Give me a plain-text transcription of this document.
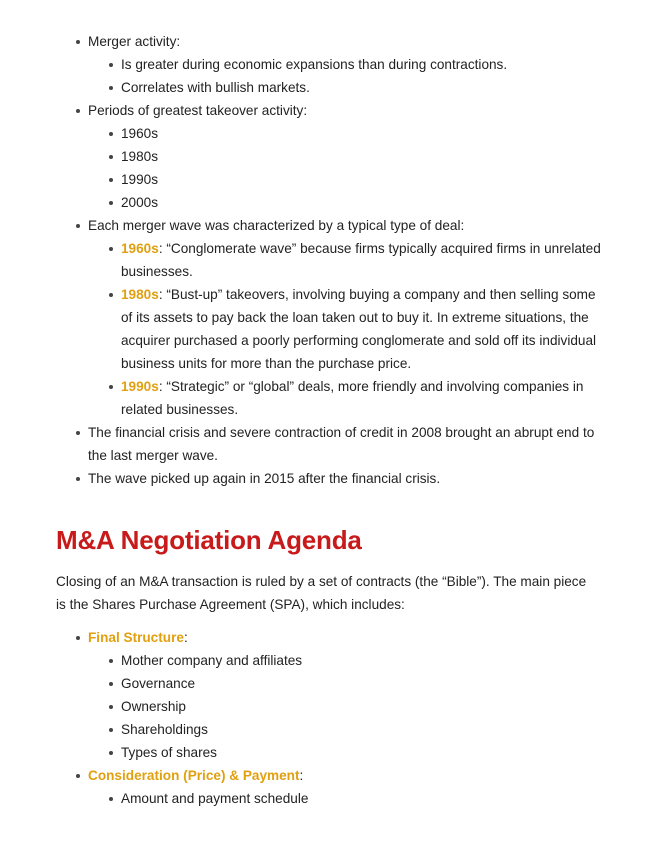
Merger activity:
Is greater during economic expansions than during contractions.
Correlates with bullish markets.
Periods of greatest takeover activity:
1960s
1980s
1990s
2000s
Each merger wave was characterized by a typical type of deal:
1960s: “Conglomerate wave” because firms typically acquired firms in unrelated businesses.
1980s: “Bust-up” takeovers, involving buying a company and then selling some of its assets to pay back the loan taken out to buy it. In extreme situations, the acquirer purchased a poorly performing conglomerate and sold off its individual business units for more than the purchase price.
1990s: “Strategic” or “global” deals, more friendly and involving companies in related businesses.
The financial crisis and severe contraction of credit in 2008 brought an abrupt end to the last merger wave.
The wave picked up again in 2015 after the financial crisis.
M&A Negotiation Agenda

Closing of an M&A transaction is ruled by a set of contracts (the “Bible”). The main piece is the Shares Purchase Agreement (SPA), which includes:

Final Structure:
Mother company and affiliates
Governance
Ownership
Shareholdings
Types of shares
Consideration (Price) & Payment:
Amount and payment schedule
